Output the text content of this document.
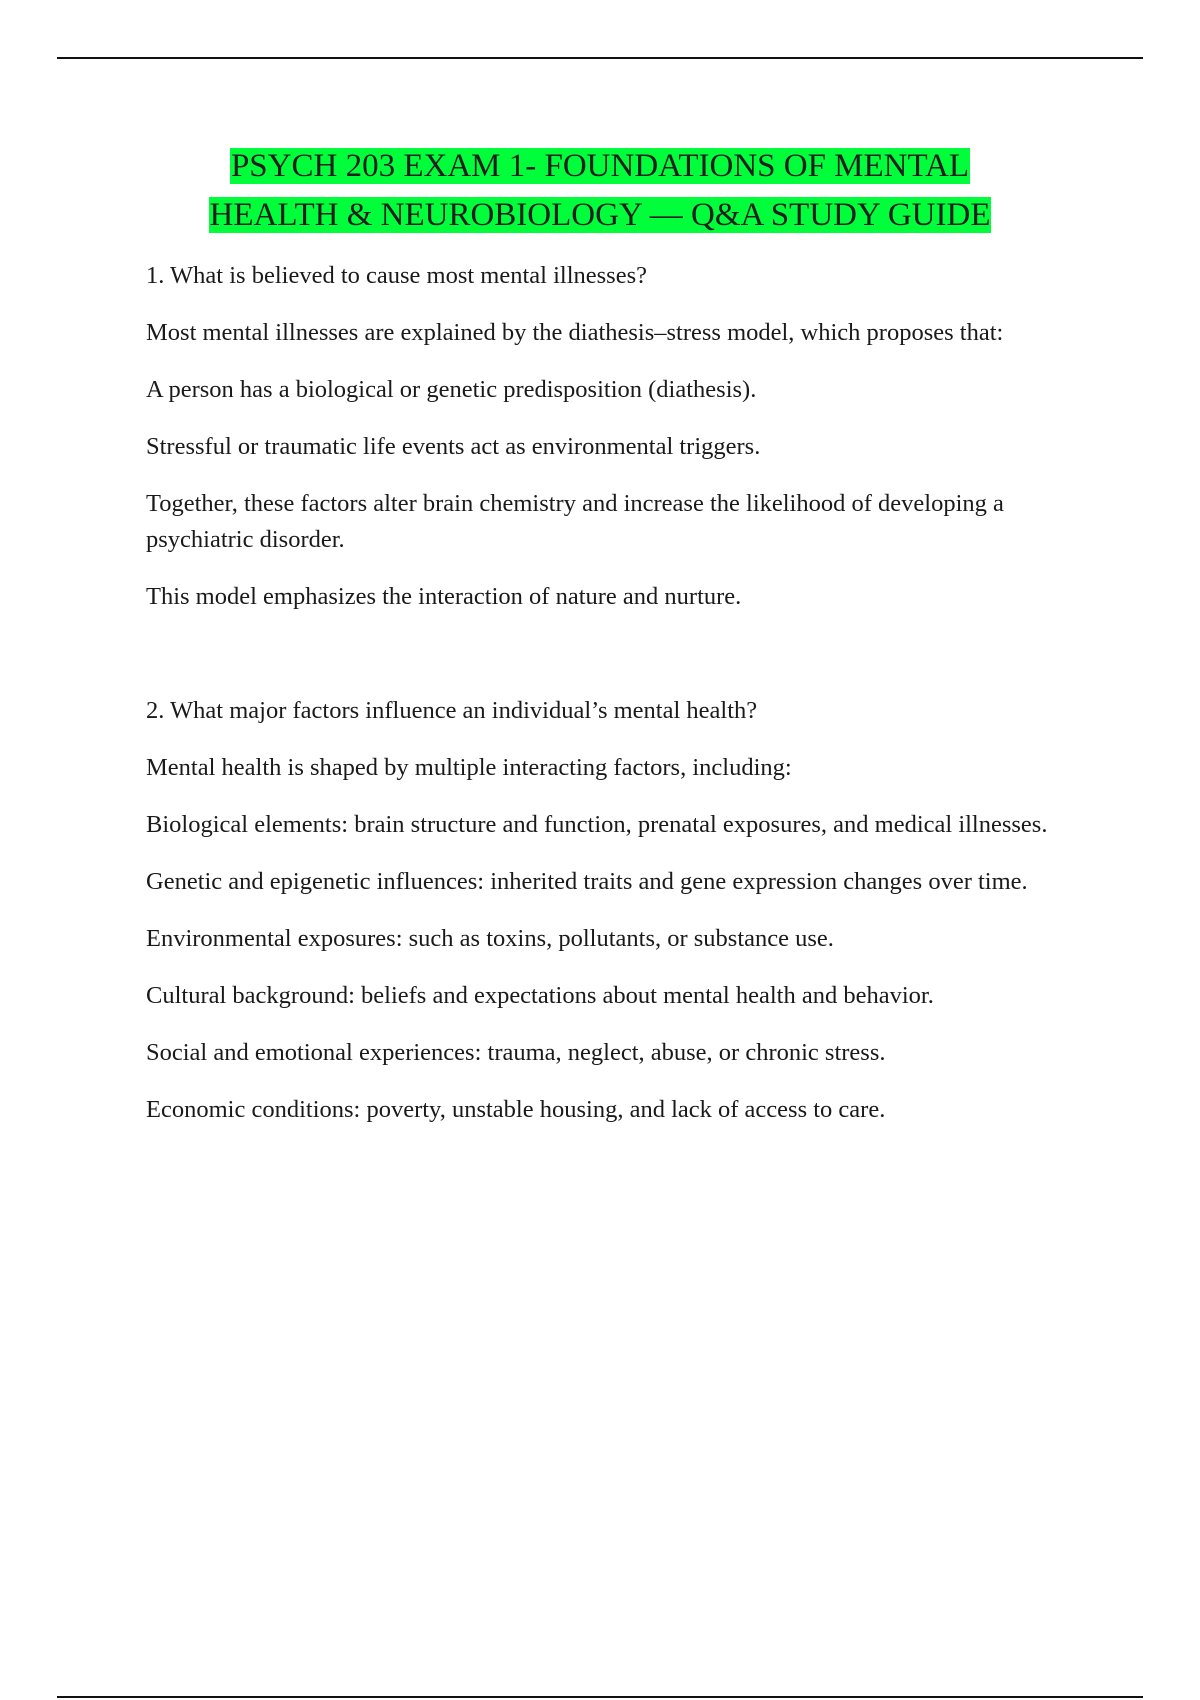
PSYCH 203 EXAM 1- FOUNDATIONS OF MENTAL
HEALTH & NEUROBIOLOGY — Q&A STUDY GUIDE

1. What is believed to cause most mental illnesses?

Most mental illnesses are explained by the diathesis–stress model, which proposes that:

A person has a biological or genetic predisposition (diathesis).

Stressful or traumatic life events act as environmental triggers.

Together, these factors alter brain chemistry and increase the likelihood of developing a psychiatric disorder.

This model emphasizes the interaction of nature and nurture.

2. What major factors influence an individual’s mental health?

Mental health is shaped by multiple interacting factors, including:

Biological elements: brain structure and function, prenatal exposures, and medical illnesses.

Genetic and epigenetic influences: inherited traits and gene expression changes over time.

Environmental exposures: such as toxins, pollutants, or substance use.

Cultural background: beliefs and expectations about mental health and behavior.

Social and emotional experiences: trauma, neglect, abuse, or chronic stress.

Economic conditions: poverty, unstable housing, and lack of access to care.
